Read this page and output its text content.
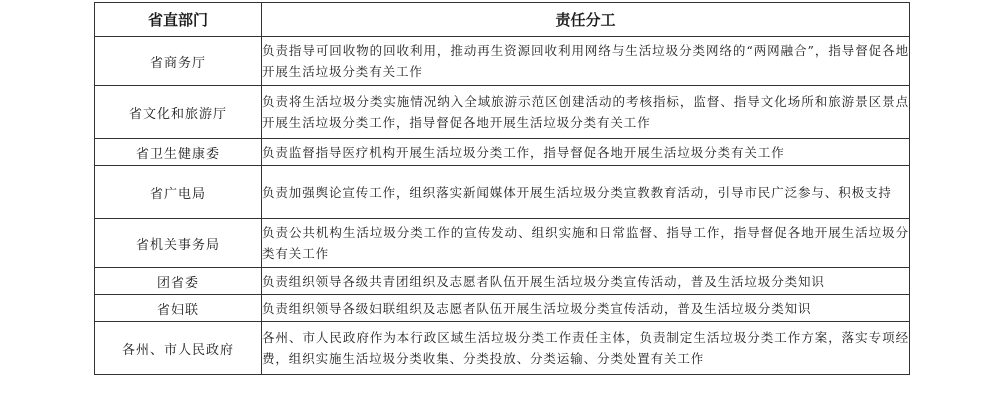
省直部门	责任分工
省商务厅	负责指导可回收物的回收利用，推动再生资源回收利用网络与生活垃圾分类网络的“两网融合”，指导督促各地开展生活垃圾分类有关工作
省文化和旅游厅	负责将生活垃圾分类实施情况纳入全域旅游示范区创建活动的考核指标，监督、指导文化场所和旅游景区景点开展生活垃圾分类工作，指导督促各地开展生活垃圾分类有关工作
省卫生健康委	负责监督指导医疗机构开展生活垃圾分类工作，指导督促各地开展生活垃圾分类有关工作
省广电局	负责加强舆论宣传工作，组织落实新闻媒体开展生活垃圾分类宣教教育活动，引导市民广泛参与、积极支持
省机关事务局	负责公共机构生活垃圾分类工作的宣传发动、组织实施和日常监督、指导工作，指导督促各地开展生活垃圾分类有关工作
团省委	负责组织领导各级共青团组织及志愿者队伍开展生活垃圾分类宣传活动，普及生活垃圾分类知识
省妇联	负责组织领导各级妇联组织及志愿者队伍开展生活垃圾分类宣传活动，普及生活垃圾分类知识
各州、市人民政府	各州、市人民政府作为本行政区域生活垃圾分类工作责任主体，负责制定生活垃圾分类工作方案，落实专项经费，组织实施生活垃圾分类收集、分类投放、分类运输、分类处置有关工作
